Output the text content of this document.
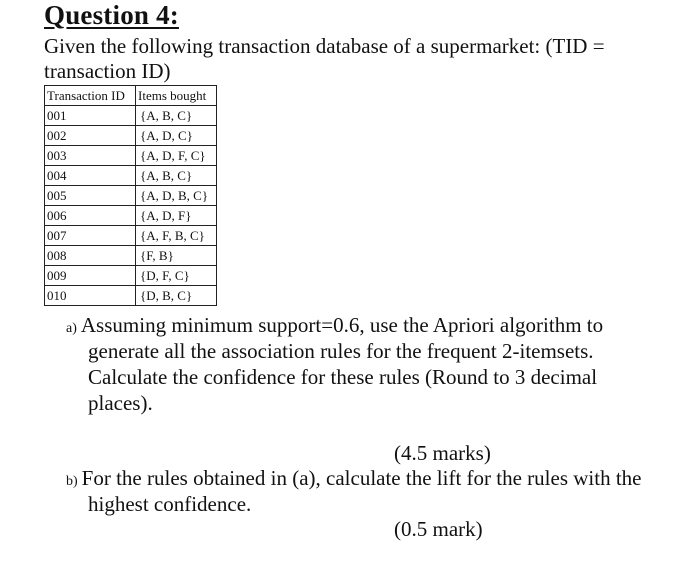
Question 4:
Given the following transaction database of a supermarket: (TID = transaction ID)
Transaction ID	Items bought
001	{A, B, C}
002	{A, D, C}
003	{A, D, F, C}
004	{A, B, C}
005	{A, D, B, C}
006	{A, D, F}
007	{A, F, B, C}
008	{F, B}
009	{D, F, C}
010	{D, B, C}
a) Assuming minimum support=0.6, use the Apriori algorithm to
generate all the association rules for the frequent 2-itemsets. Calculate the confidence for these rules (Round to 3 decimal places).
(4.5 marks)
b) For the rules obtained in (a), calculate the lift for the rules with the
highest confidence.
(0.5 mark)
